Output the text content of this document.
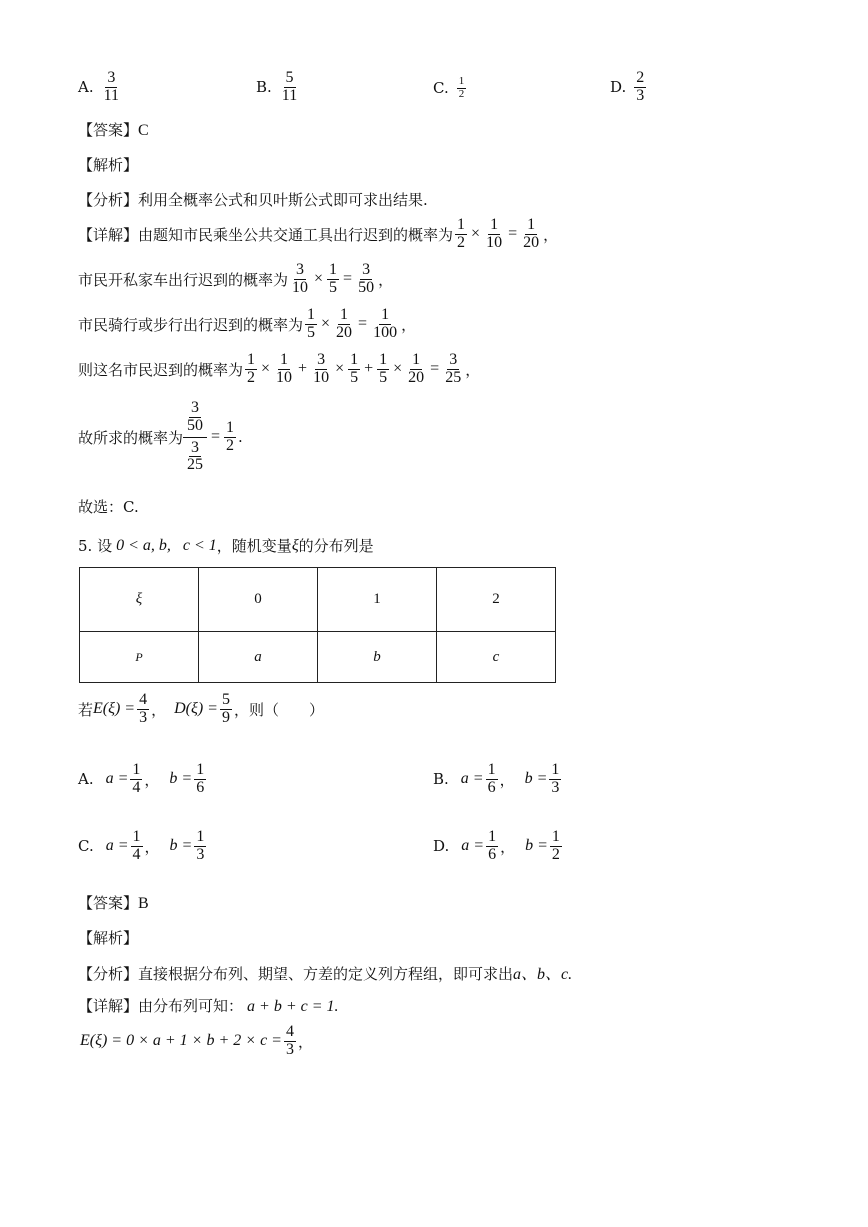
A. $\frac{3}{11}$	B. $\frac{5}{11}$	C. $\frac{1}{2}$	D. $\frac{2}{3}$
【答案】C
【解析】
【分析】利用全概率公式和贝叶斯公式即可求出结果.
【详解】 由题知市民乘坐公共交通工具出行迟到的概率为 $\frac{1}{2} \times \frac{1}{10} = \frac{1}{20}$ ，
市民开私家车出行迟到的概率为 $\frac{3}{10} \times \frac{1}{5} = \frac{3}{50}$ ，
市民骑行或步行出行迟到的概率为 $\frac{1}{5} \times \frac{1}{20} = \frac{1}{100}$ ，
则这名市民迟到的概率为 $\frac{1}{2} \times \frac{1}{10} + \frac{3}{10} \times \frac{1}{5} + \frac{1}{5} \times \frac{1}{20} = \frac{3}{25}$ ，
故所求的概率为
$\frac{3}{50}$
$\frac{3}{25}$
= $\frac{1}{2}$ .
故选：C.
5. 设 0 < a, b, c < 1 ，随机变量 ξ 的分布列是
ξ	0	1	2
P	a	b	c
若 $E(\xi) = \frac{4}{3}$ ， $D(\xi) = \frac{5}{9}$ ，则（　　）
A. $a = \frac{1}{4}$ ， $b = \frac{1}{6}$	B. $a = \frac{1}{6}$ ， $b = \frac{1}{3}$
C. $a = \frac{1}{4}$ ， $b = \frac{1}{3}$	D. $a = \frac{1}{6}$ ， $b = \frac{1}{2}$
【答案】B
【解析】
【分析】直接根据分布列、期望、方差的定义列方程组，即可求出a、b、c.
【详解】由分布列可知： a + b + c = 1.
$E(\xi) = 0 \times a + 1 \times b + 2 \times c = \frac{4}{3}$ ，
